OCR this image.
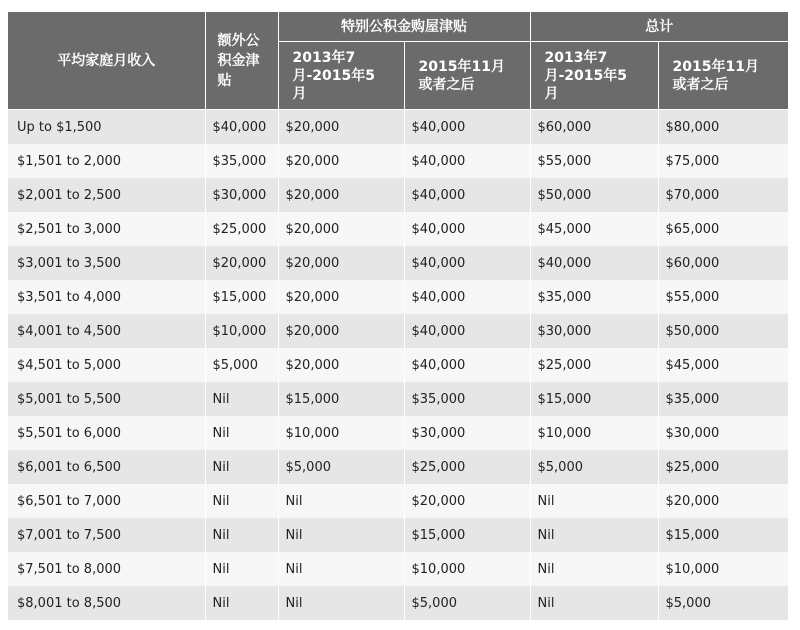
平均家庭月收入	额外公积金津贴	特别公积金购屋津贴		总计	

		2013年7月-2015年5月	2015年11月或者之后	2013年7月-2015年5月	2015年11月或者之后

Up to $1,500	$40,000	$20,000	$40,000	$60,000	$80,000
$1,501 to 2,000	$35,000	$20,000	$40,000	$55,000	$75,000
$2,001 to 2,500	$30,000	$20,000	$40,000	$50,000	$70,000
$2,501 to 3,000	$25,000	$20,000	$40,000	$45,000	$65,000
$3,001 to 3,500	$20,000	$20,000	$40,000	$40,000	$60,000
$3,501 to 4,000	$15,000	$20,000	$40,000	$35,000	$55,000
$4,001 to 4,500	$10,000	$20,000	$40,000	$30,000	$50,000
$4,501 to 5,000	$5,000	$20,000	$40,000	$25,000	$45,000
$5,001 to 5,500	Nil	$15,000	$35,000	$15,000	$35,000
$5,501 to 6,000	Nil	$10,000	$30,000	$10,000	$30,000
$6,001 to 6,500	Nil	$5,000	$25,000	$5,000	$25,000
$6,501 to 7,000	Nil	Nil	$20,000	Nil	$20,000
$7,001 to 7,500	Nil	Nil	$15,000	Nil	$15,000
$7,501 to 8,000	Nil	Nil	$10,000	Nil	$10,000
$8,001 to 8,500	Nil	Nil	$5,000	Nil	$5,000
